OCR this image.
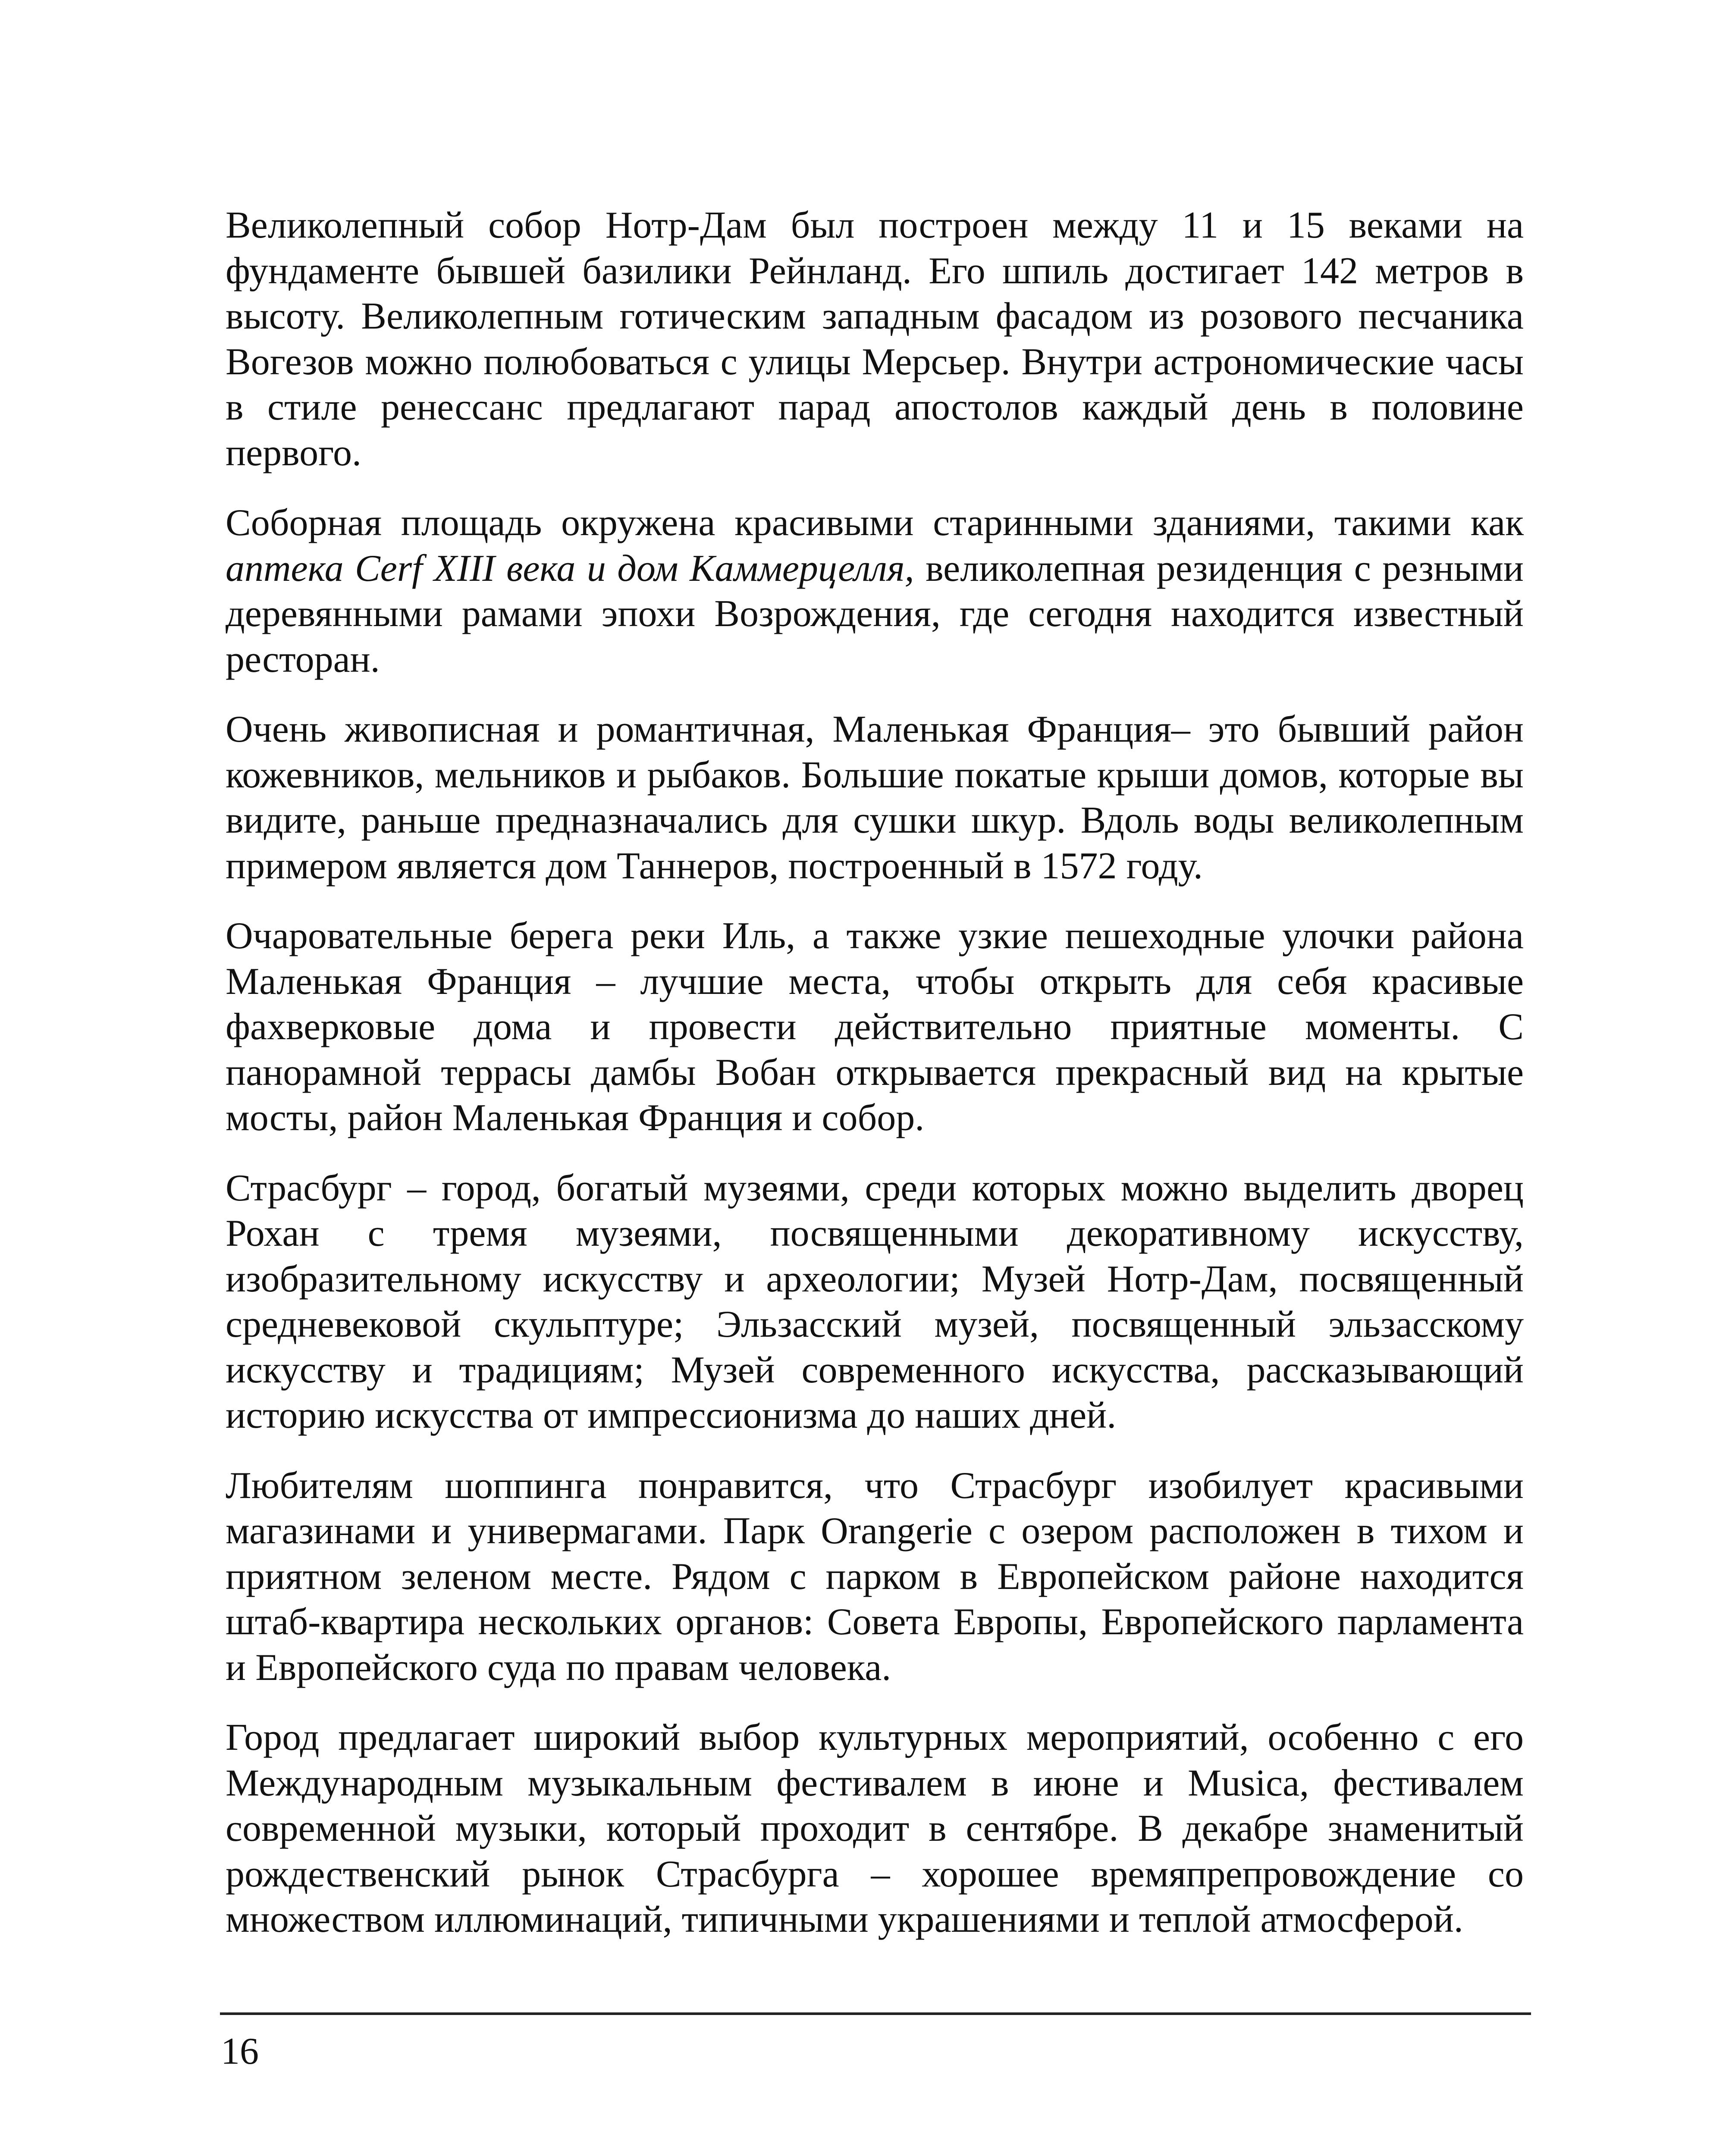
Великолепный собор Нотр-Дам был построен между 11 и 15 веками на фундаменте бывшей базилики Рейнланд. Его шпиль достигает 142 метров в высоту. Великолепным готическим западным фасадом из розового песчаника Вогезов можно полюбоваться с улицы Мерсьер. Внутри астрономические часы в стиле ренессанс предлагают парад апостолов каждый день в половине первого.

Соборная площадь окружена красивыми старинными зданиями, такими как аптека Cerf XIII века и дом Каммерцелля, великолепная резиденция с резными деревянными рамами эпохи Возрождения, где сегодня находится известный ресторан.

Очень живописная и романтичная, Маленькая Франция– это бывший район кожевников, мельников и рыбаков. Большие покатые крыши домов, которые вы видите, раньше предназначались для сушки шкур. Вдоль воды великолепным примером является дом Таннеров, построенный в 1572 году.

Очаровательные берега реки Иль, а также узкие пешеходные улочки района Маленькая Франция – лучшие места, чтобы открыть для себя красивые фахверковые дома и провести действительно приятные моменты. С панорамной террасы дамбы Вобан открывается прекрасный вид на крытые мосты, район Маленькая Франция и собор.

Страсбург – город, богатый музеями, среди которых можно выделить дворец Рохан с тремя музеями, посвященными декоративному искусству, изобразительному искусству и археологии; Музей Нотр-Дам, посвященный средневековой скульптуре; Эльзасский музей, посвященный эльзасскому искусству и традициям; Музей современного искусства, рассказывающий историю искусства от импрессионизма до наших дней.

Любителям шоппинга понравится, что Страсбург изобилует красивыми магазинами и универмагами. Парк Orangerie с озером расположен в тихом и приятном зеленом месте. Рядом с парком в Европейском районе находится штаб-квартира нескольких органов: Совета Европы, Европейского парламента и Европейского суда по правам человека.

Город предлагает широкий выбор культурных мероприятий, особенно с его Международным музыкальным фестивалем в июне и Musica, фестивалем современной музыки, который проходит в сентябре. В декабре знаменитый рождественский рынок Страсбурга – хорошее времяпрепровождение со множеством иллюминаций, типичными украшениями и теплой атмосферой.

16
